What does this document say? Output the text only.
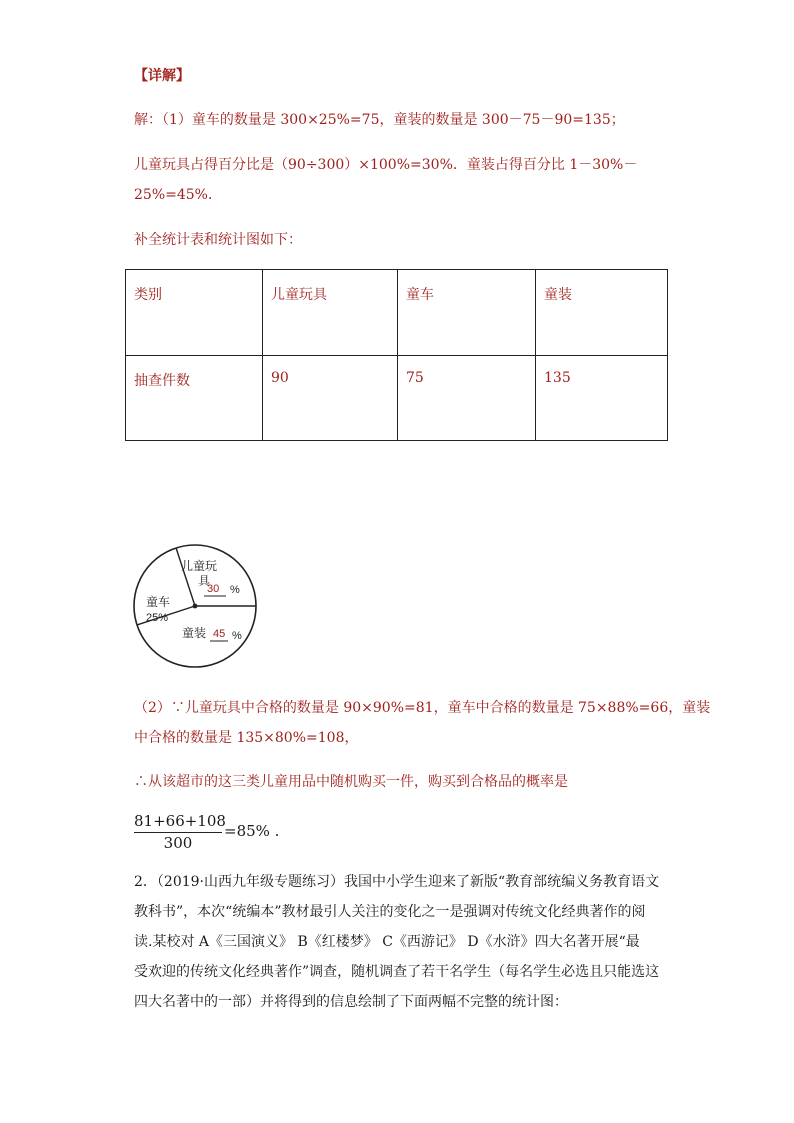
【详解】
解：（1）童车的数量是 300×25%=75，童装的数量是 300－75－90=135；
儿童玩具占得百分比是（90÷300）×100%=30%．童装占得百分比 1－30%－
25%=45%．
补全统计表和统计图如下：
类别	儿童玩具	童车	童装
抽查件数	90	75	135
儿童玩
具
30 %
童车
25%
童装 45 %
（2）∵儿童玩具中合格的数量是 90×90%=81，童车中合格的数量是 75×88%=66，童装
中合格的数量是 135×80%=108，
∴从该超市的这三类儿童用品中随机购买一件，购买到合格品的概率是
81+66+108
300
=85% .
2．（2019·山西九年级专题练习）我国中小学生迎来了新版“教育部统编义务教育语文
教科书”，本次“统编本”教材最引人关注的变化之一是强调对传统文化经典著作的阅
读.某校对 A《三国演义》 B《红楼梦》 C《西游记》 D《水浒》四大名著开展“最
受欢迎的传统文化经典著作”调查，随机调查了若干名学生（每名学生必选且只能选这
四大名著中的一部）并将得到的信息绘制了下面两幅不完整的统计图：
